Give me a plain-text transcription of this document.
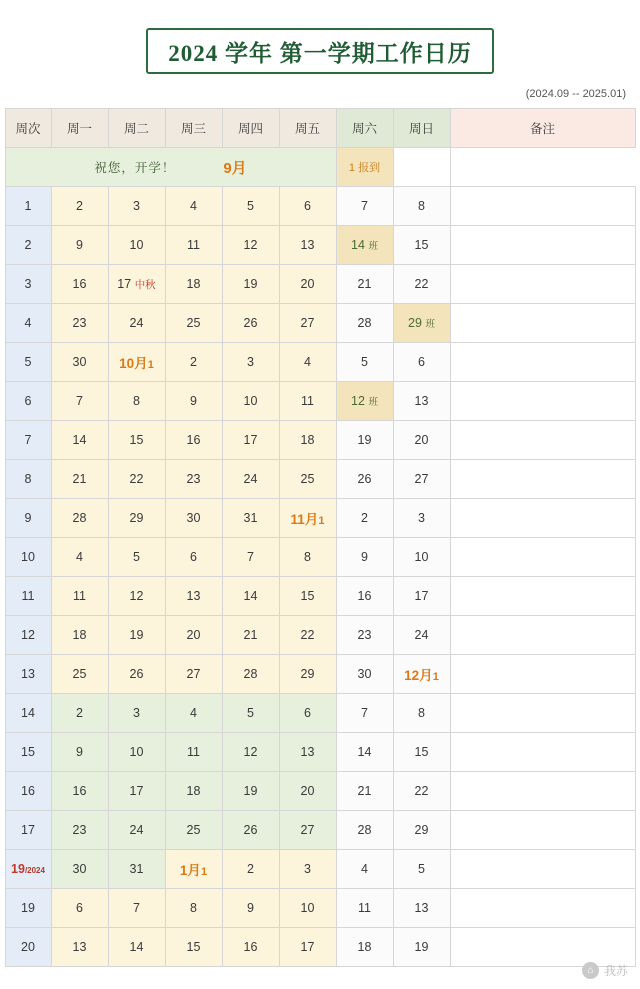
2024 学年 第一学期工作日历
(2024.09 -- 2025.01)
周次	周一	周二	周三	周四	周五	周六	周日	备注

祝您，开学！ 9月						1 报到		
1	2	3	4	5	6	7	8	
2	9	10	11	12	13	14 班	15	
3	16	17 中秋	18	19	20	21	22	
4	23	24	25	26	27	28	29 班	
5	30	10月1	2	3	4	5	6	
6	7	8	9	10	11	12 班	13	
7	14	15	16	17	18	19	20	
8	21	22	23	24	25	26	27	
9	28	29	30	31	11月1	2	3	
10	4	5	6	7	8	9	10	
11	11	12	13	14	15	16	17	
12	18	19	20	21	22	23	24	
13	25	26	27	28	29	30	12月1	
14	2	3	4	5	6	7	8	
15	9	10	11	12	13	14	15	
16	16	17	18	19	20	21	22	
17	23	24	25	26	27	28	29	
19/2024	30	31	1月1	2	3	4	5	
19	6	7	8	9	10	11	13	
20	13	14	15	16	17	18	19	
⌂ 我苏
